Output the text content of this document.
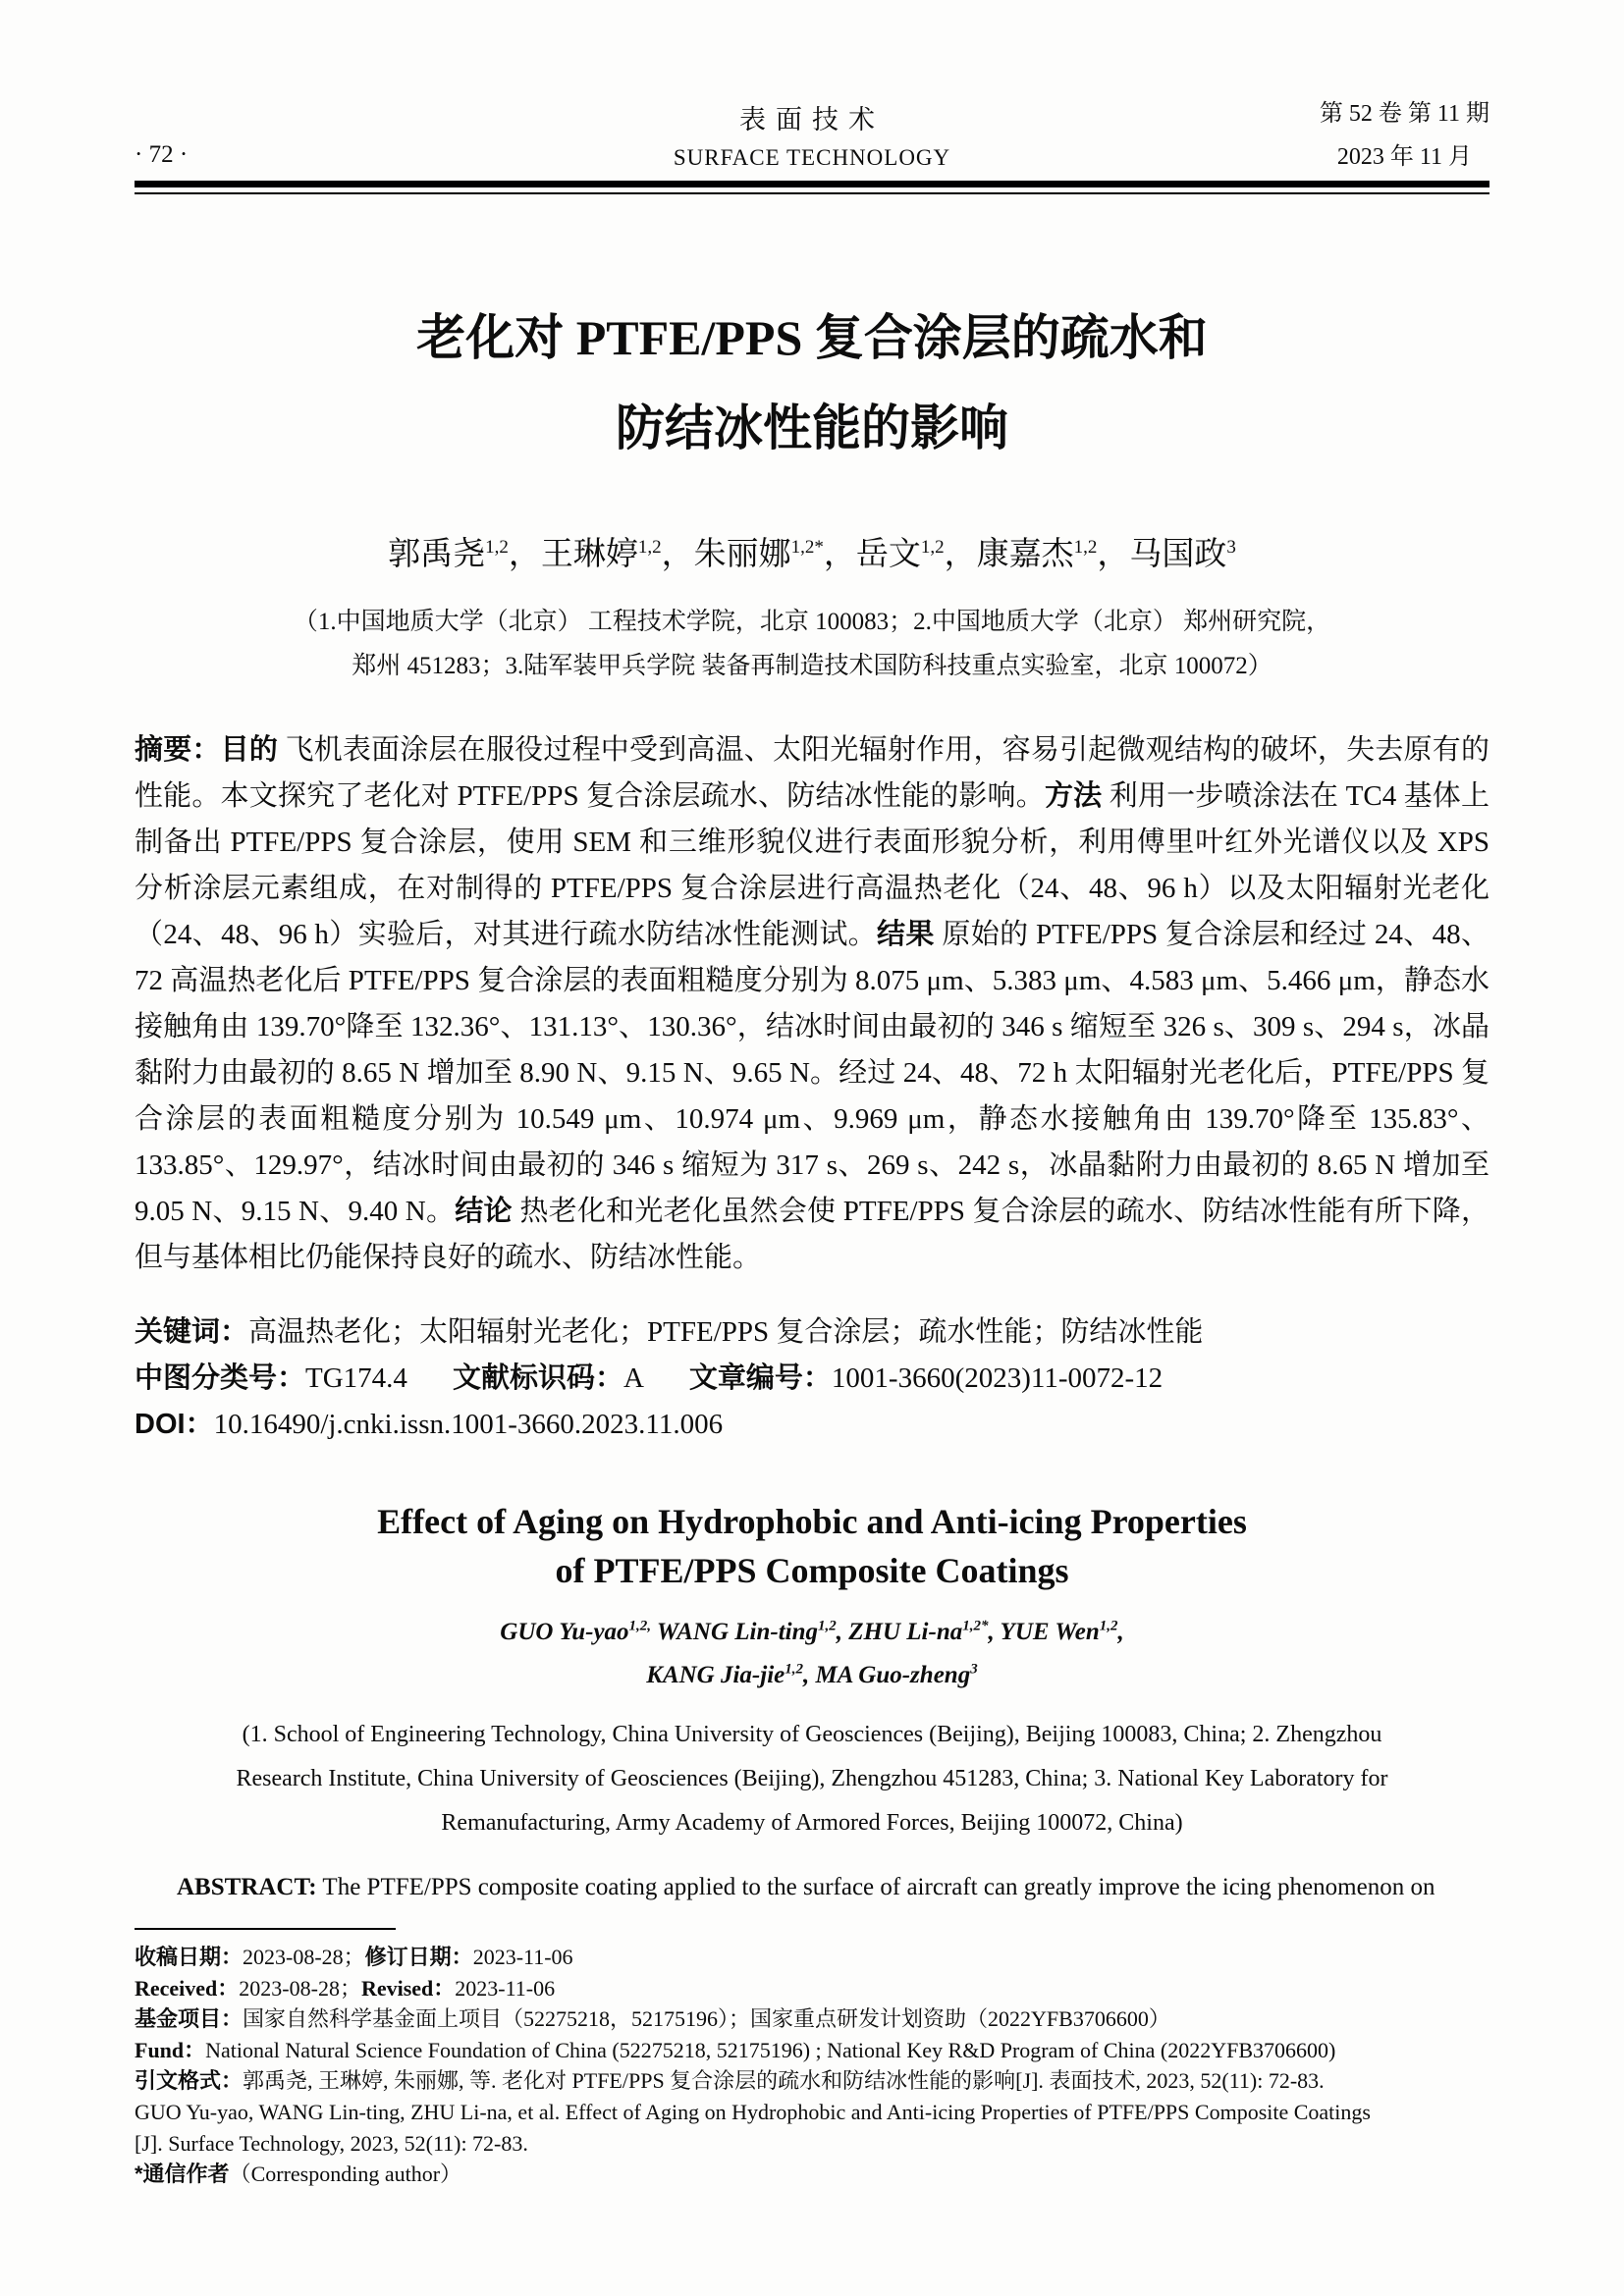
· 72 ·
表面技术
SURFACE TECHNOLOGY
第 52 卷 第 11 期
2023 年 11 月
老化对 PTFE/PPS 复合涂层的疏水和
防结冰性能的影响
郭禹尧$^{1,2}$，王琳婷$^{1,2}$，朱丽娜$^{1,2*}$，岳文$^{1,2}$，康嘉杰$^{1,2}$，马国政$^3$
（1.中国地质大学（北京） 工程技术学院，北京 100083；2.中国地质大学（北京） 郑州研究院，
郑州 451283；3.陆军装甲兵学院 装备再制造技术国防科技重点实验室，北京 100072）

摘要：目的 飞机表面涂层在服役过程中受到高温、太阳光辐射作用，容易引起微观结构的破坏，失去原有的性能。本文探究了老化对 PTFE/PPS 复合涂层疏水、防结冰性能的影响。方法 利用一步喷涂法在 TC4 基体上制备出 PTFE/PPS 复合涂层，使用 SEM 和三维形貌仪进行表面形貌分析，利用傅里叶红外光谱仪以及 XPS 分析涂层元素组成，在对制得的 PTFE/PPS 复合涂层进行高温热老化（24、48、96 h）以及太阳辐射光老化（24、48、96 h）实验后，对其进行疏水防结冰性能测试。结果 原始的 PTFE/PPS 复合涂层和经过 24、48、72 高温热老化后 PTFE/PPS 复合涂层的表面粗糙度分别为 8.075 μm、5.383 μm、4.583 μm、5.466 μm，静态水接触角由 139.70°降至 132.36°、131.13°、130.36°，结冰时间由最初的 346 s 缩短至 326 s、309 s、294 s，冰晶黏附力由最初的 8.65 N 增加至 8.90 N、9.15 N、9.65 N。经过 24、48、72 h 太阳辐射光老化后，PTFE/PPS 复合涂层的表面粗糙度分别为 10.549 μm、10.974 μm、9.969 μm，静态水接触角由 139.70°降至 135.83°、133.85°、129.97°，结冰时间由最初的 346 s 缩短为 317 s、269 s、242 s，冰晶黏附力由最初的 8.65 N 增加至 9.05 N、9.15 N、9.40 N。结论 热老化和光老化虽然会使 PTFE/PPS 复合涂层的疏水、防结冰性能有所下降，但与基体相比仍能保持良好的疏水、防结冰性能。

关键词：高温热老化；太阳辐射光老化；PTFE/PPS 复合涂层；疏水性能；防结冰性能
中图分类号：TG174.4 文献标识码：A 文章编号：1001-3660(2023)11-0072-12
DOI：10.16490/j.cnki.issn.1001-3660.2023.11.006
Effect of Aging on Hydrophobic and Anti-icing Properties
of PTFE/PPS Composite Coatings
GUO Yu-yao$^{1,2,}$ WANG Lin-ting$^{1,2}$, ZHU $Li-na^{1,2*}$, YUE Wen$^{1,2}$,
KANG Jia-jie$^{1,2}$, MA Guo-zheng$^3$
(1. School of Engineering Technology, China University of Geosciences (Beijing), Beijing 100083, China; 2. Zhengzhou
Research Institute, China University of Geosciences (Beijing), Zhengzhou 451283, China; 3. National Key Laboratory for
Remanufacturing, Army Academy of Armored Forces, Beijing 100072, China)

ABSTRACT: The PTFE/PPS composite coating applied to the surface of aircraft can greatly improve the icing phenomenon on

收稿日期：2023-08-28；修订日期：2023-11-06
Received：2023-08-28；Revised：2023-11-06
基金项目：国家自然科学基金面上项目（52275218，52175196）；国家重点研发计划资助（2022YFB3706600）
Fund：National Natural Science Foundation of China (52275218, 52175196) ; National Key R&D Program of China (2022YFB3706600)
引文格式：郭禹尧, 王琳婷, 朱丽娜, 等. 老化对 PTFE/PPS 复合涂层的疏水和防结冰性能的影响[J]. 表面技术, 2023, 52(11): 72-83.
GUO Yu-yao, WANG Lin-ting, ZHU Li-na, et al. Effect of Aging on Hydrophobic and Anti-icing Properties of PTFE/PPS Composite Coatings
[J]. Surface Technology, 2023, 52(11): 72-83.
*通信作者（Corresponding author）
